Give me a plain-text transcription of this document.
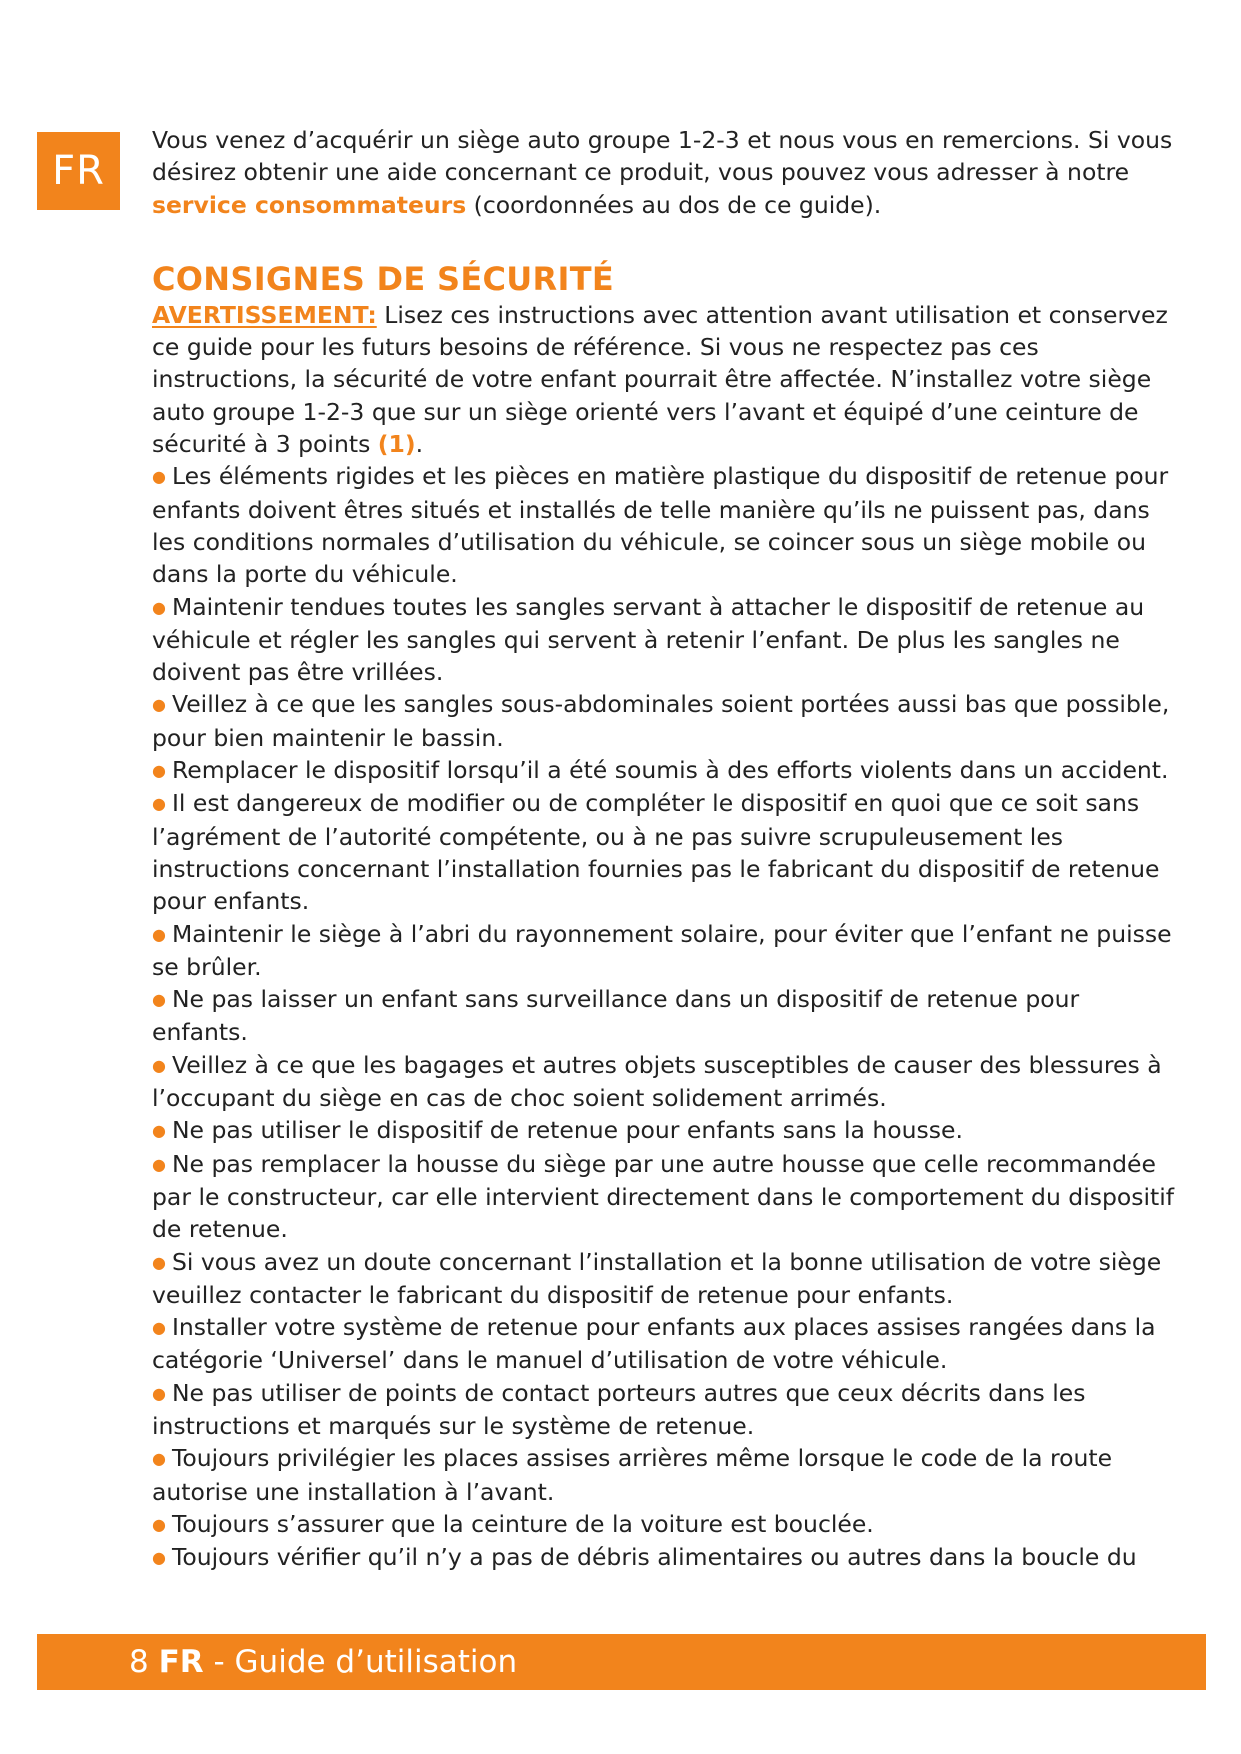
FR

Vous venez d’acquérir un siège auto groupe 1-2-3 et nous vous en remercions. Si vous désirez obtenir une aide concernant ce produit, vous pouvez vous adresser à notre service consommateurs (coordonnées au dos de ce guide).

CONSIGNES DE SÉCURITÉ

AVERTISSEMENT: Lisez ces instructions avec attention avant utilisation et conservez ce guide pour les futurs besoins de référence. Si vous ne respectez pas ces instructions, la sécurité de votre enfant pourrait être affectée. N’installez votre siège auto groupe 1-2-3 que sur un siège orienté vers l’avant et équipé d’une ceinture de sécurité à 3 points (1).

● Les éléments rigides et les pièces en matière plastique du dispositif de retenue pour enfants doivent êtres situés et installés de telle manière qu’ils ne puissent pas, dans les conditions normales d’utilisation du véhicule, se coincer sous un siège mobile ou dans la porte du véhicule.
● Maintenir tendues toutes les sangles servant à attacher le dispositif de retenue au véhicule et régler les sangles qui servent à retenir l’enfant. De plus les sangles ne doivent pas être vrillées.
● Veillez à ce que les sangles sous-abdominales soient portées aussi bas que possible, pour bien maintenir le bassin.
● Remplacer le dispositif lorsqu’il a été soumis à des efforts violents dans un accident.
● Il est dangereux de modifier ou de compléter le dispositif en quoi que ce soit sans l’agrément de l’autorité compétente, ou à ne pas suivre scrupuleusement les instructions concernant l’installation fournies pas le fabricant du dispositif de retenue pour enfants.
● Maintenir le siège à l’abri du rayonnement solaire, pour éviter que l’enfant ne puisse se brûler.
● Ne pas laisser un enfant sans surveillance dans un dispositif de retenue pour enfants.
● Veillez à ce que les bagages et autres objets susceptibles de causer des blessures à l’occupant du siège en cas de choc soient solidement arrimés.
● Ne pas utiliser le dispositif de retenue pour enfants sans la housse.
● Ne pas remplacer la housse du siège par une autre housse que celle recommandée par le constructeur, car elle intervient directement dans le comportement du dispositif de retenue.
● Si vous avez un doute concernant l’installation et la bonne utilisation de votre siège veuillez contacter le fabricant du dispositif de retenue pour enfants.
● Installer votre système de retenue pour enfants aux places assises rangées dans la catégorie ‘Universel’ dans le manuel d’utilisation de votre véhicule.
● Ne pas utiliser de points de contact porteurs autres que ceux décrits dans les instructions et marqués sur le système de retenue.
● Toujours privilégier les places assises arrières même lorsque le code de la route autorise une installation à l’avant.
● Toujours s’assurer que la ceinture de la voiture est bouclée.
● Toujours vérifier qu’il n’y a pas de débris alimentaires ou autres dans la boucle du
8 FR - Guide d’utilisation
